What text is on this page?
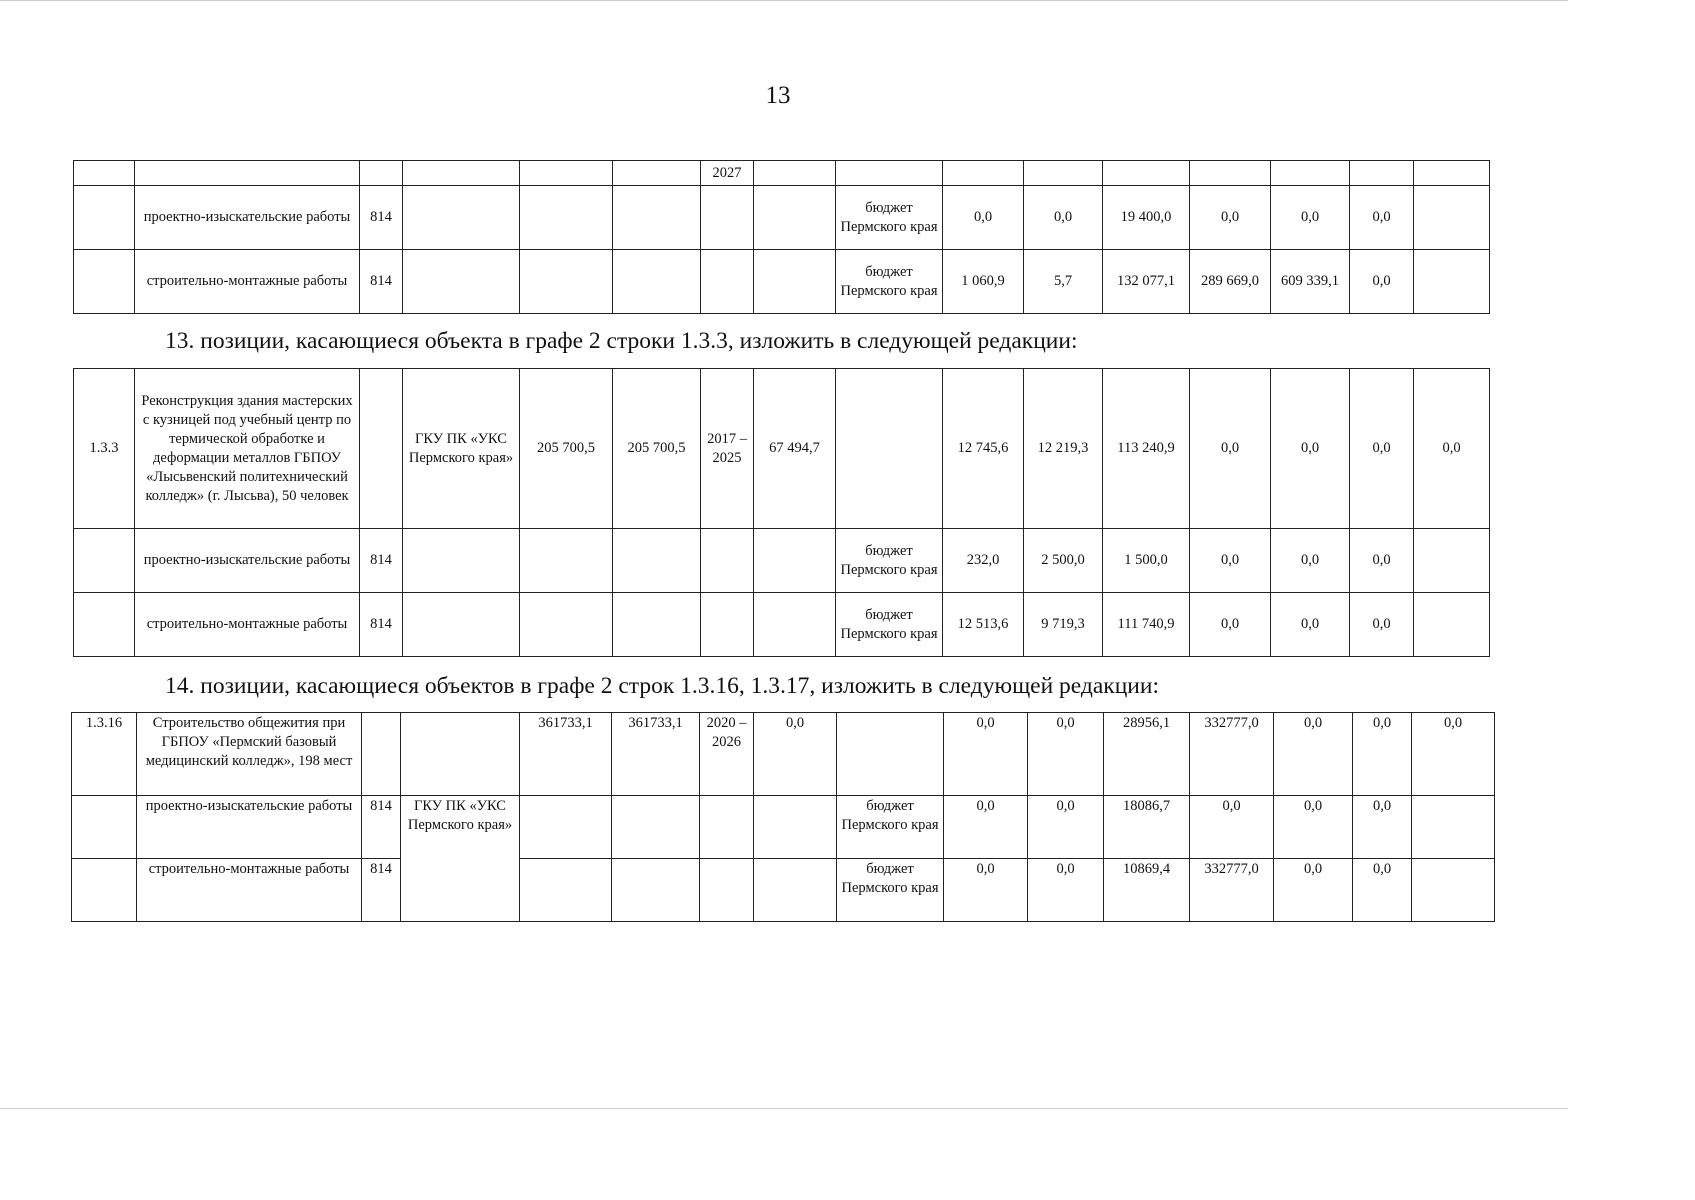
13
						2027									
	проектно-изыскательские работы	814						бюджет Пермского края	0,0	0,0	19 400,0	0,0	0,0	0,0	
	строительно-монтажные работы	814						бюджет Пермского края	1 060,9	5,7	132 077,1	289 669,0	609 339,1	0,0	
13. позиции, касающиеся объекта в графе 2 строки 1.3.3, изложить в следующей редакции:
1.3.3	Реконструкция здания мастерских с кузницей под учебный центр по термической обработке и деформации металлов ГБПОУ «Лысьвенский политехнический колледж» (г. Лысьва), 50 человек		ГКУ ПК «УКС Пермского края»	205 700,5	205 700,5	2017 – 2025	67 494,7		12 745,6	12 219,3	113 240,9	0,0	0,0	0,0	0,0
	проектно-изыскательские работы	814						бюджет Пермского края	232,0	2 500,0	1 500,0	0,0	0,0	0,0	
	строительно-монтажные работы	814						бюджет Пермского края	12 513,6	9 719,3	111 740,9	0,0	0,0	0,0	
14. позиции, касающиеся объектов в графе 2 строк 1.3.16, 1.3.17, изложить в следующей редакции:
1.3.16	Строительство общежития при ГБПОУ «Пермский базовый медицинский колледж», 198 мест			361733,1	361733,1	2020 – 2026	0,0		0,0	0,0	28956,1	332777,0	0,0	0,0	0,0
	проектно-изыскательские работы	814	ГКУ ПК «УКС Пермского края»					бюджет Пермского края	0,0	0,0	18086,7	0,0	0,0	0,0	
	строительно-монтажные работы	814						бюджет Пермского края	0,0	0,0	10869,4	332777,0	0,0	0,0	
